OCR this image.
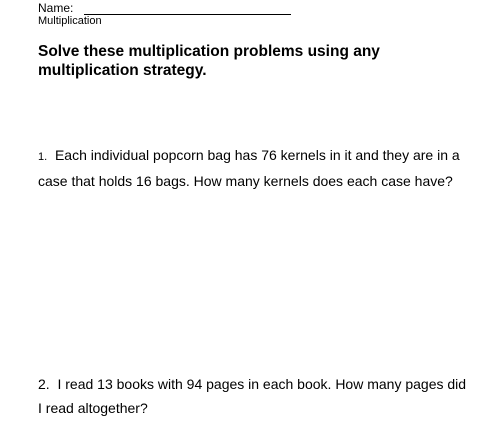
Name:
Multiplication
Solve these multiplication problems using any multiplication strategy.
1. Each individual popcorn bag has 76 kernels in it and they are in a case that holds 16 bags. How many kernels does each case have?
2. I read 13 books with 94 pages in each book. How many pages did I read altogether?
